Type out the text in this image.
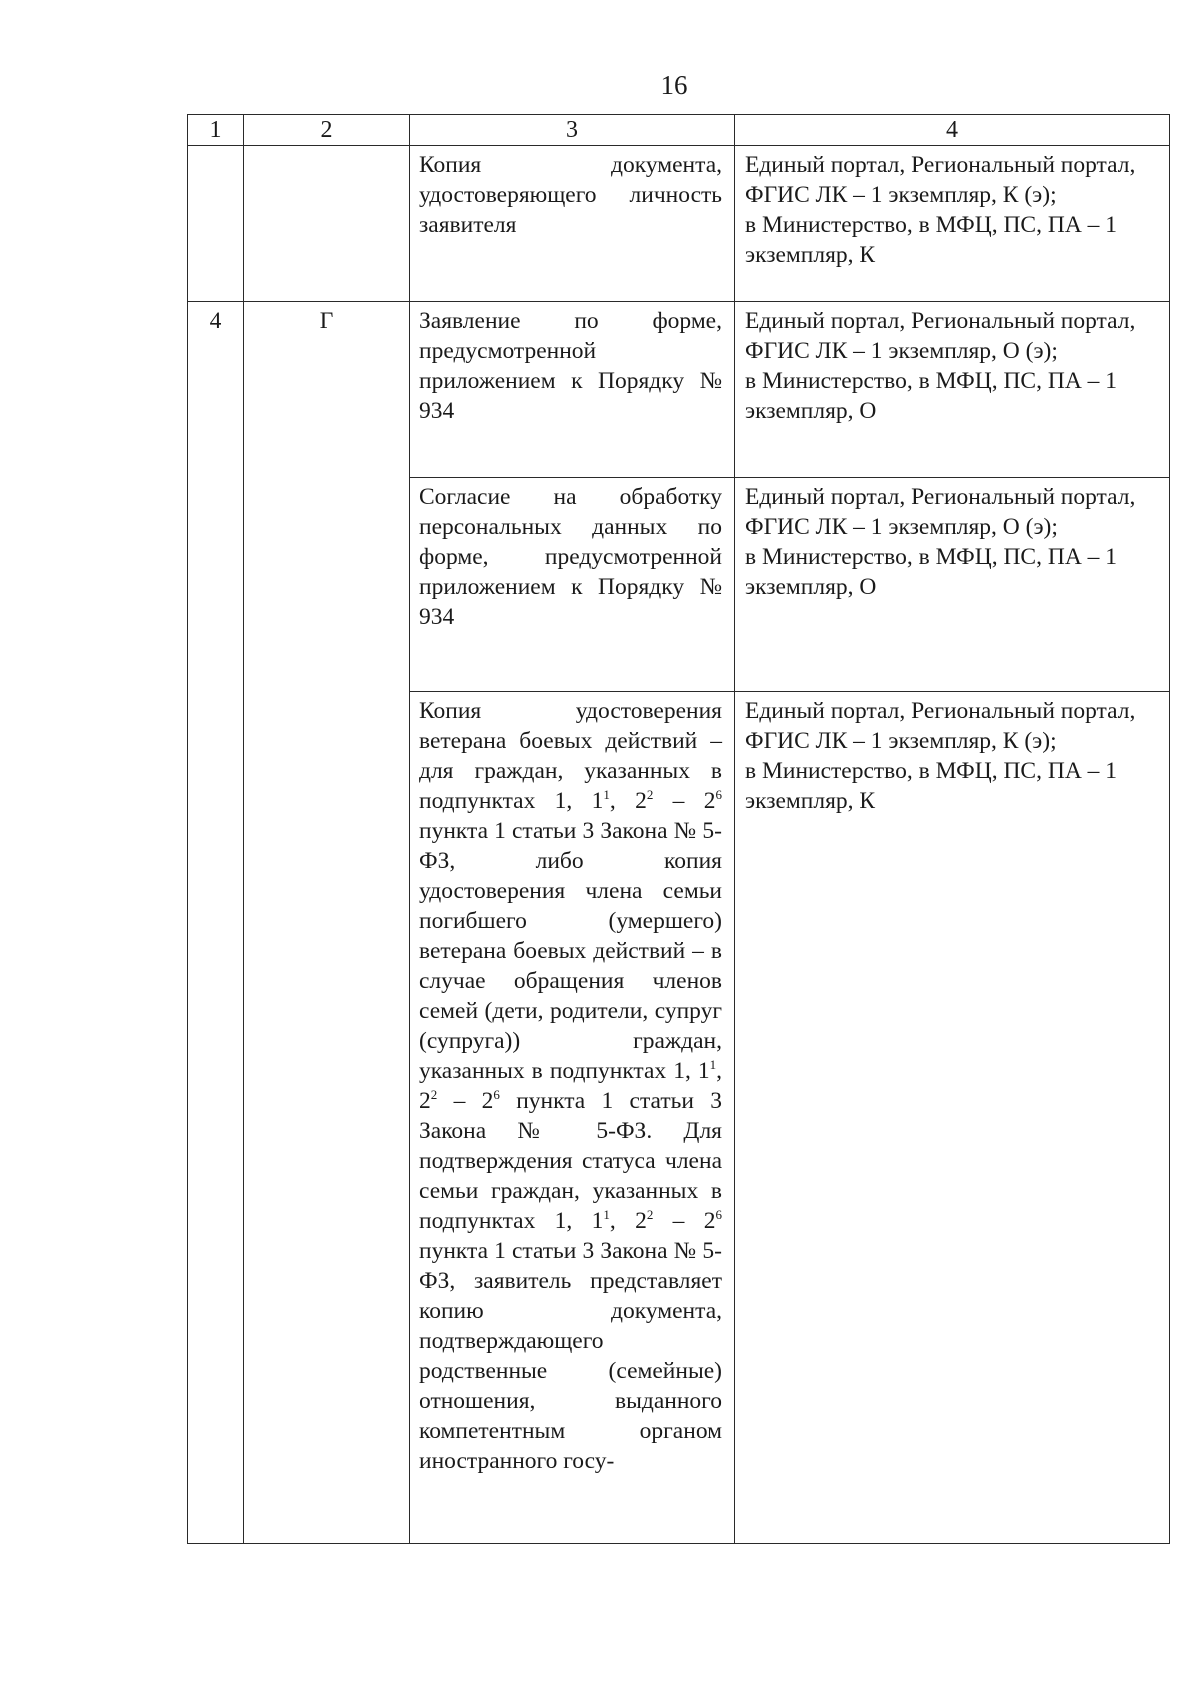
16
1	2	3	4
		Копия документа, удостоверяющего личность заявителя	Единый портал, Региональный портал, ФГИС ЛК – 1 экземпляр, К (э);
в Министерство, в МФЦ, ПС, ПА – 1 экземпляр, К

4	Г	Заявление по форме, предусмотренной приложением к Порядку № 934	Единый портал, Региональный портал, ФГИС ЛК – 1 экземпляр, О (э);
в Министерство, в МФЦ, ПС, ПА – 1 экземпляр, О

		Согласие на обработку персональных данных по форме, предусмотренной приложением к Порядку № 934	Единый портал, Региональный портал, ФГИС ЛК – 1 экземпляр, О (э);
в Министерство, в МФЦ, ПС, ПА – 1 экземпляр, О

		Копия удостоверения ветерана боевых действий – для граждан, указанных в подпунктах 1, $1^1$, $2^2 - 2^6$ пункта 1 статьи 3 Закона № 5-ФЗ, либо копия удостоверения члена семьи погибшего (умершего) ветерана боевых действий – в случае обращения членов семей (дети, родители, супруг (супруга)) граждан, указанных в подпунктах 1, $1^1$, $2^2 - 2^6$ пункта 1 статьи 3 Закона № 5-ФЗ. Для подтверждения статуса члена семьи граждан, указанных в подпунктах 1, $1^1$, $2^2 - 2^6$ пункта 1 статьи 3 Закона № 5-ФЗ, заявитель представляет копию документа, подтверждающего родственные (семейные) отношения, выданного компетентным органом иностранного госу-	Единый портал, Региональный портал, ФГИС ЛК – 1 экземпляр, К (э);
в Министерство, в МФЦ, ПС, ПА – 1 экземпляр, К
